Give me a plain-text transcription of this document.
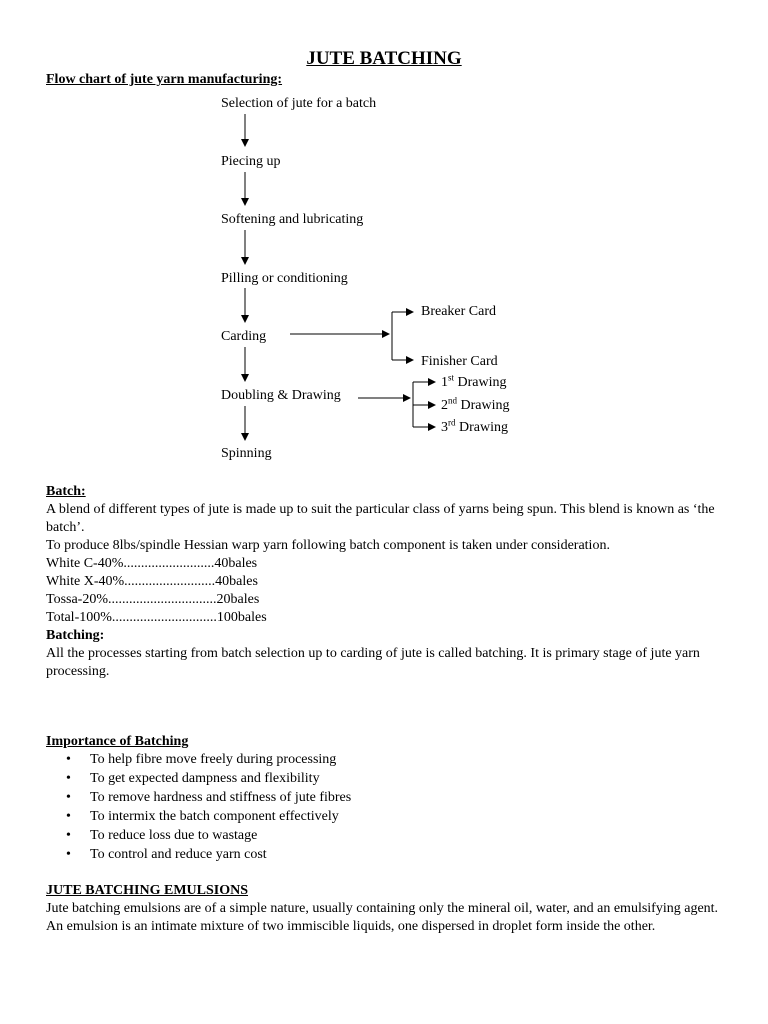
JUTE BATCHING
Flow chart of jute yarn manufacturing:
Selection of jute for a batch
Piecing up
Softening and lubricating
Pilling or conditioning
Carding
Doubling & Drawing
Spinning
Breaker Card
Finisher Card
1st Drawing
2nd Drawing
3rd Drawing
Batch:
A blend of different types of jute is made up to suit the particular class of yarns being spun. This blend is known as ‘the batch’.
To produce 8lbs/spindle Hessian warp yarn following batch component is taken under consideration.
White C-40%..........................40bales
White X-40%..........................40bales
Tossa-20%...............................20bales
Total-100%..............................100bales
Batching:
All the processes starting from batch selection up to carding of jute is called batching. It is primary stage of jute yarn processing.
Importance of Batching
• To help fibre move freely during processing
• To get expected dampness and flexibility
• To remove hardness and stiffness of jute fibres
• To intermix the batch component effectively
• To reduce loss due to wastage
• To control and reduce yarn cost
JUTE BATCHING EMULSIONS
Jute batching emulsions are of a simple nature, usually containing only the mineral oil, water, and an emulsifying agent. An emulsion is an intimate mixture of two immiscible liquids, one dispersed in droplet form inside the other.
